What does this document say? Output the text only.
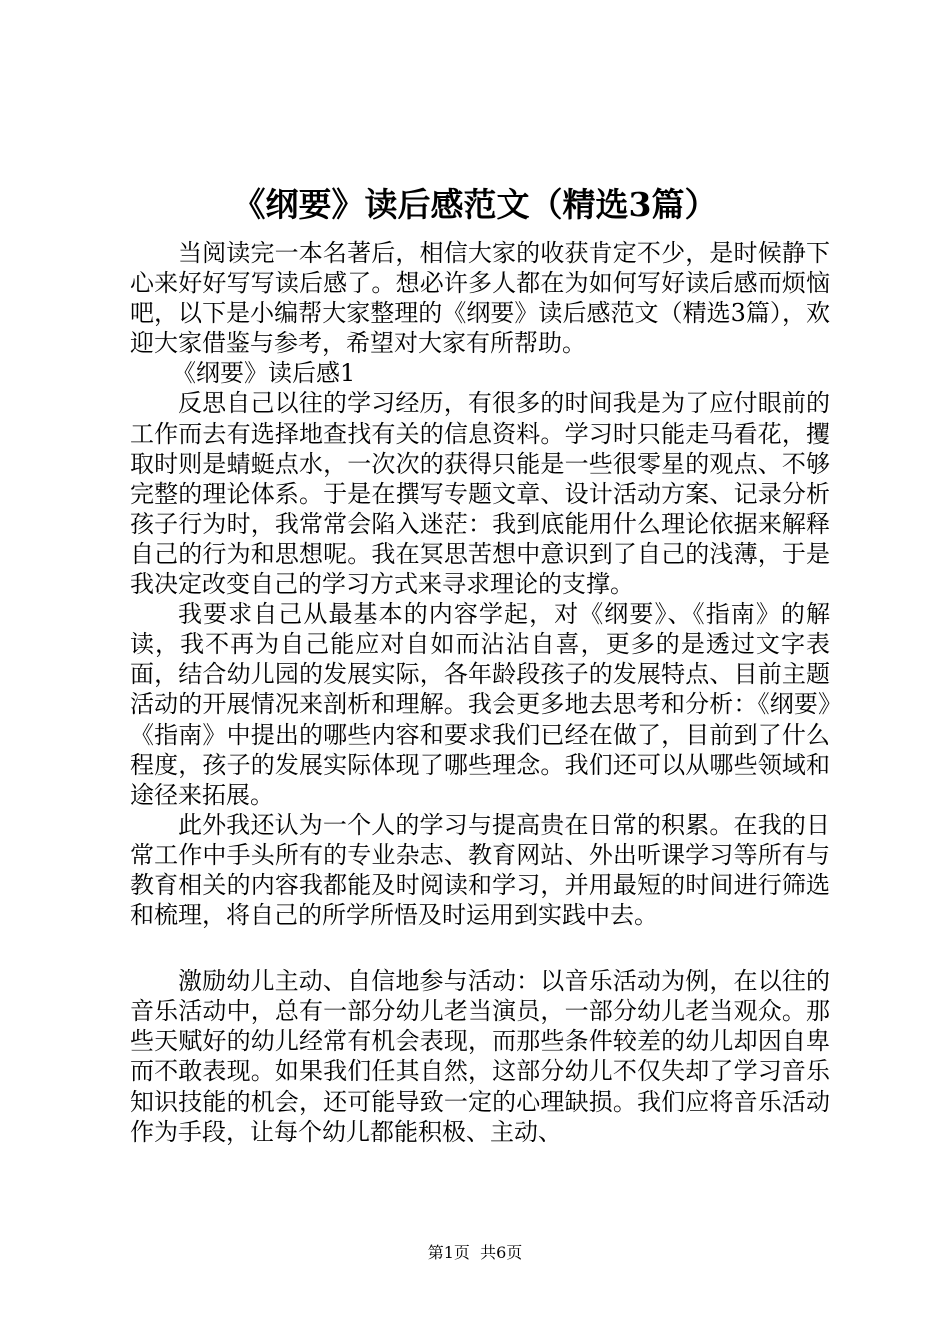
《纲要》读后感范文（精选3篇）

当阅读完一本名著后，相信大家的收获肯定不少，是时候静下心来好好写写读后感了。想必许多人都在为如何写好读后感而烦恼吧，以下是小编帮大家整理的《纲要》读后感范文（精选3篇），欢迎大家借鉴与参考，希望对大家有所帮助。

《纲要》读后感1

反思自己以往的学习经历，有很多的时间我是为了应付眼前的工作而去有选择地查找有关的信息资料。学习时只能走马看花，攫取时则是蜻蜓点水，一次次的获得只能是一些很零星的观点、不够完整的理论体系。于是在撰写专题文章、设计活动方案、记录分析孩子行为时，我常常会陷入迷茫：我到底能用什么理论依据来解释自己的行为和思想呢。我在冥思苦想中意识到了自己的浅薄，于是我决定改变自己的学习方式来寻求理论的支撑。

我要求自己从最基本的内容学起，对《纲要》、《指南》的解读，我不再为自己能应对自如而沾沾自喜，更多的是透过文字表面，结合幼儿园的发展实际，各年龄段孩子的发展特点、目前主题活动的开展情况来剖析和理解。我会更多地去思考和分析：《纲要》《指南》中提出的哪些内容和要求我们已经在做了，目前到了什么程度，孩子的发展实际体现了哪些理念。我们还可以从哪些领域和途径来拓展。

此外我还认为一个人的学习与提高贵在日常的积累。在我的日常工作中手头所有的专业杂志、教育网站、外出听课学习等所有与教育相关的内容我都能及时阅读和学习，并用最短的时间进行筛选和梳理，将自己的所学所悟及时运用到实践中去。

激励幼儿主动、自信地参与活动：以音乐活动为例，在以往的音乐活动中，总有一部分幼儿老当演员，一部分幼儿老当观众。那些天赋好的幼儿经常有机会表现，而那些条件较差的幼儿却因自卑而不敢表现。如果我们任其自然，这部分幼儿不仅失却了学习音乐知识技能的机会，还可能导致一定的心理缺损。我们应将音乐活动作为手段，让每个幼儿都能积极、主动、

第1页  共6页
